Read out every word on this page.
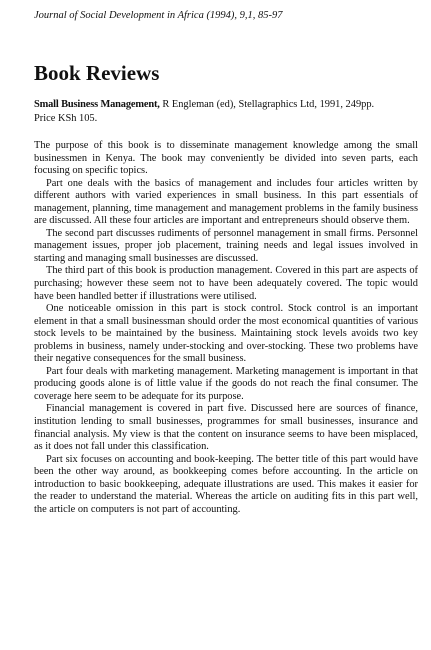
Journal of Social Development in Africa (1994), 9,1, 85-97
Book Reviews
Small Business Management, R Engleman (ed), Stellagraphics Ltd, 1991, 249pp.
Price KSh 105.

The purpose of this book is to disseminate management knowledge among the small businessmen in Kenya. The book may conveniently be divided into seven parts, each focusing on specific topics.

Part one deals with the basics of management and includes four articles written by different authors with varied experiences in small business. In this part essentials of management, planning, time management and management problems in the family business are discussed. All these four articles are important and entrepreneurs should observe them.

The second part discusses rudiments of personnel management in small firms. Personnel management issues, proper job placement, training needs and legal issues involved in starting and managing small businesses are discussed.

The third part of this book is production management. Covered in this part are aspects of purchasing; however these seem not to have been adequately covered. The topic would have been handled better if illustrations were utilised.

One noticeable omission in this part is stock control. Stock control is an important element in that a small businessman should order the most economical quantities of various stock levels to be maintained by the business. Maintaining stock levels avoids two key problems in business, namely under-stocking and over-stocking. These two problems have their negative consequences for the small business.

Part four deals with marketing management. Marketing management is important in that producing goods alone is of little value if the goods do not reach the final consumer. The coverage here seem to be adequate for its purpose.

Financial management is covered in part five. Discussed here are sources of finance, institution lending to small businesses, programmes for small businesses, insurance and financial analysis. My view is that the content on insurance seems to have been misplaced, as it does not fall under this classification.

Part six focuses on accounting and book-keeping. The better title of this part would have been the other way around, as bookkeeping comes before accounting. In the article on introduction to basic bookkeeping, adequate illustrations are used. This makes it easier for the reader to understand the material. Whereas the article on auditing fits in this part well, the article on computers is not part of accounting.
